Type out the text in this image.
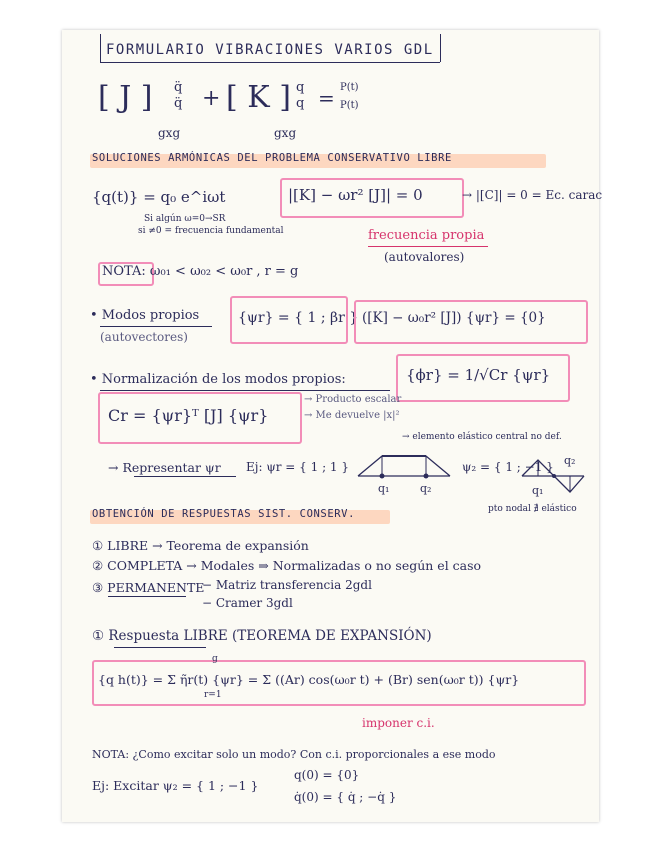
FORMULARIO VIBRACIONES VARIOS GDL
[ J ] q̈
q̈ + [ K ] q
q = P(t)
P(t)
gxg	gxg
SOLUCIONES ARMÓNICAS DEL PROBLEMA CONSERVATIVO LIBRE
{q(t)} = q₀ e^iωt
Si algún ω=0→SR
si ≠0 = frecuencia fundamental
|[K] − ωr² [J]| = 0	→ |[C]| = 0 = Ec. carac
frecuencia propia
(autovalores)
NOTA: ω₀₁ < ω₀₂ < ω₀r , r = g
• Modos propios
(autovectores)
{ψr} = { 1 ; βr } ([K] − ω₀r² [J]) {ψr} = {0}
• Normalización de los modos propios:	{ϕr} = 1/√Cr {ψr}
Cr = {ψr}ᵀ [J] {ψr}
→ Producto escalar
→ Me devuelve |x|²
→ elemento elástico central no def.
→ Representar ψr Ej: ψr = { 1 ; 1 }	ψ₂ = { 1 ; −1 }
q₁	q₂	q₁
q₂
pto nodal ∄ elástico
OBTENCIÓN DE RESPUESTAS SIST. CONSERV.
① LIBRE → Teorema de expansión
② COMPLETA → Modales ⇒ Normalizadas o no según el caso
③ PERMANENTE
− Matriz transferencia 2gdl
− Cramer 3gdl
① Respuesta LIBRE (TEOREMA DE EXPANSIÓN)
{q h(t)} = Σ η̃r(t) {ψr} = Σ ((Ar) cos(ω₀r t) + (Br) sen(ω₀r t)) {ψr}
g
r=1
imponer c.i.
NOTA: ¿Como excitar solo un modo? Con c.i. proporcionales a ese modo
Ej: Excitar ψ₂ = { 1 ; −1 }
q(0) = {0}
q̇(0) = { q̇ ; −q̇ }
